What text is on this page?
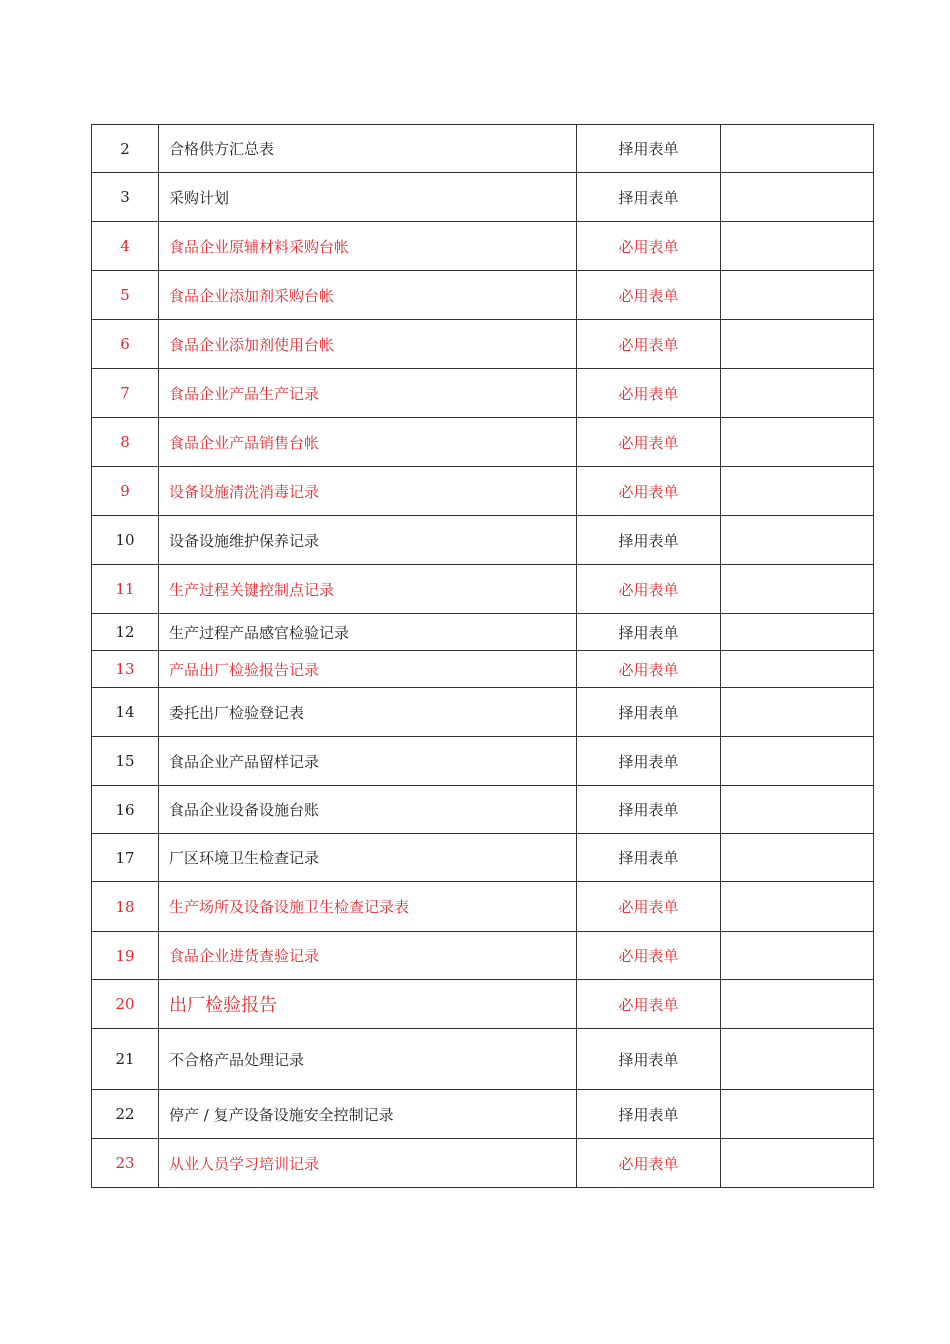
2	合格供方汇总表	择用表单	
3	采购计划	择用表单	
4	食品企业原辅材料采购台帐	必用表单	
5	食品企业添加剂采购台帐	必用表单	
6	食品企业添加剂使用台帐	必用表单	
7	食品企业产品生产记录	必用表单	
8	食品企业产品销售台帐	必用表单	
9	设备设施清洗消毒记录	必用表单	
10	设备设施维护保养记录	择用表单	
11	生产过程关键控制点记录	必用表单	
12	生产过程产品感官检验记录	择用表单	
13	产品出厂检验报告记录	必用表单	
14	委托出厂检验登记表	择用表单	
15	食品企业产品留样记录	择用表单	
16	食品企业设备设施台账	择用表单	
17	厂区环境卫生检查记录	择用表单	
18	生产场所及设备设施卫生检查记录表	必用表单	
19	食品企业进货查验记录	必用表单	
20	出厂检验报告	必用表单	
21	不合格产品处理记录	择用表单	
22	停产 / 复产设备设施安全控制记录	择用表单	
23	从业人员学习培训记录	必用表单	
